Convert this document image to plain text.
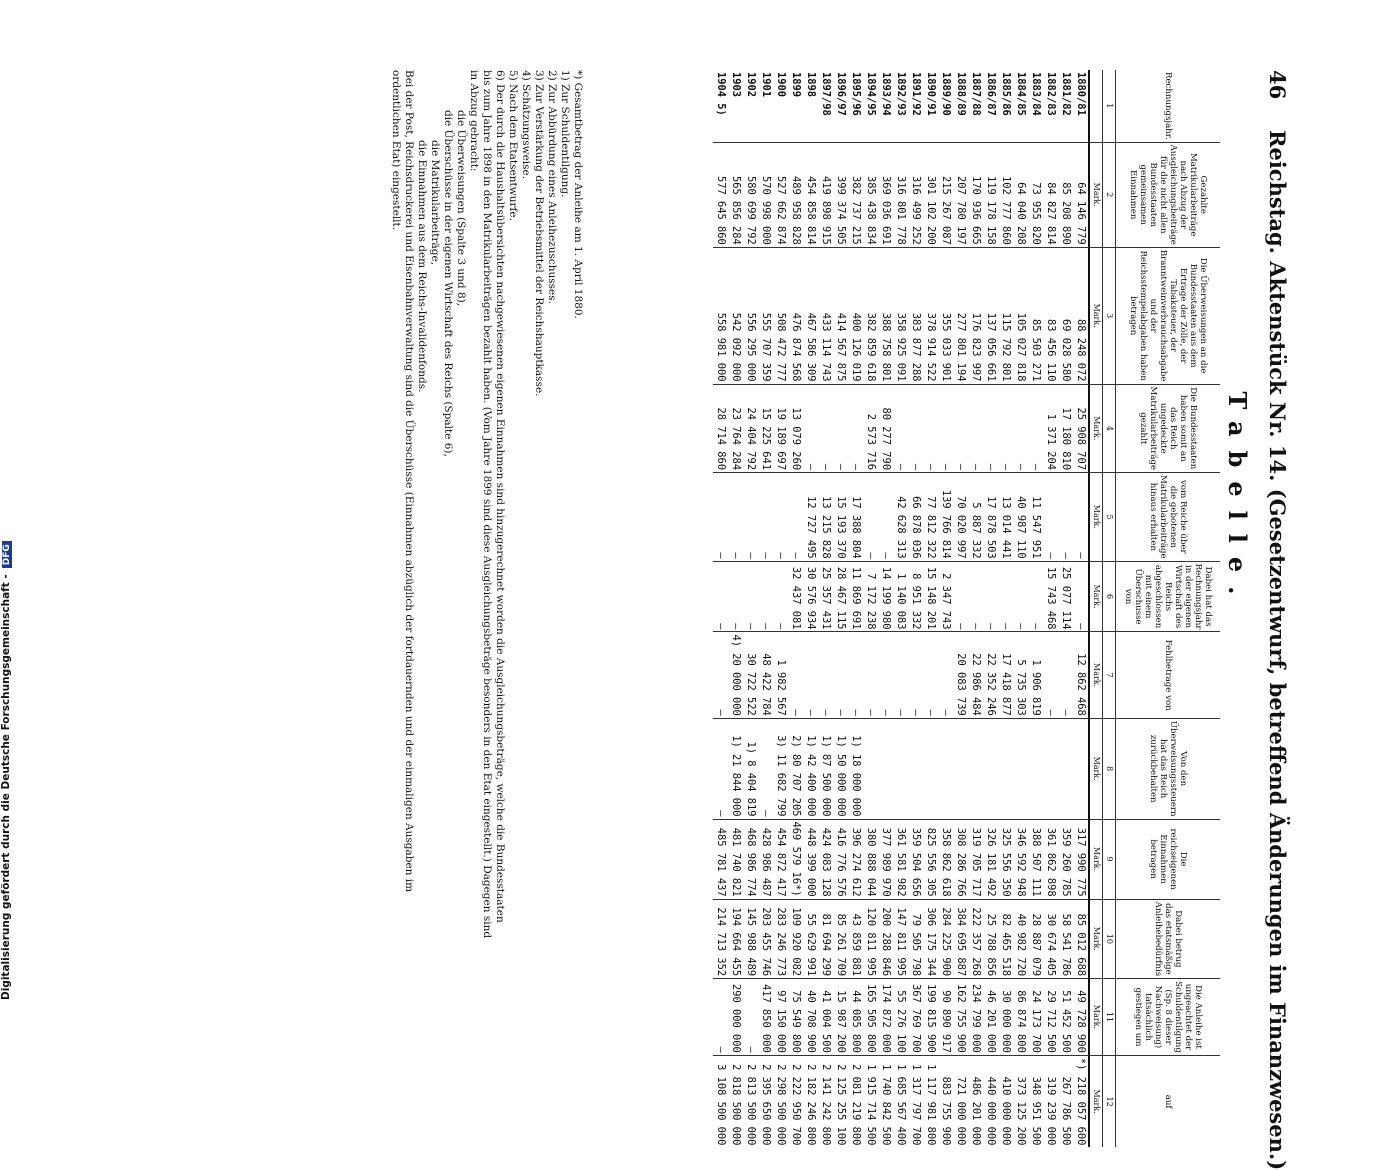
46
Reichstag. Aktenstück Nr. 14. (Gesetzentwurf, betreffend Änderungen im Finanzwesen.)
Tabelle.
Rechnungsjahr.	Gezahlte Matrikularbeiträge nach Abzug der Ausgleichungsbeiträge für die nicht allen Bundesstaaten gemeinsamen Einnahmen	Die Überweisungen an die Bundesstaaten aus dem Ertrage der Zölle, der Tabaksteuer, der Branntweinverbrauchsabgabe und der Reichsstempelabgaben haben betragen	Die Bundesstaaten haben somit an das Reich ungedeckte Matrikularbeiträge gezahlt	vom Reiche über die gebotenen Matrikularbeiträge hinaus erhalten	Dabei hat das Rechnungsjahr in der eigenen Wirtschaft des Reichs abgeschlossen mit einem Überschusse von	Fehlbetrage von	Von den Überweisungssteuern hat das Reich zurückbehalten	Die reichseigenen Einnahmen betragen	Dabei betrug das etatsmäßige Anleihebedürfnis	Die Anleihe ist ungeachtet der Schuldentilgung (Sp. 8 dieser Nachweisung) tatsächlich gestiegen um	auf
1	2	3	4	5	6	7	8	9	10	11	12
	Mark.	Mark.	Mark.	Mark.	Mark.	Mark.	Mark.	Mark.	Mark.	Mark.	Mark.
1880/81	64 146 779	88 248 072	25 908 707	—	—	12 862 468		317 990 775	85 012 688	49 728 900	*) 218 057 600
1881/82	85 208 890	69 028 580	17 180 810	—	25 077 114	—		359 260 785	58 541 786	51 452 500	267 786 500
1882/83	84 827 814	83 456 110	1 371 204	—	15 743 468	—		361 862 898	30 674 405	29 712 500	319 239 000
1883/84	73 955 820	85 503 271	—	11 547 951	—	1 906 819		388 507 111	28 887 079	24 173 700	348 951 500
1884/85	64 040 208	105 027 818	—	40 987 110	—	5 735 303		346 592 948	40 982 720	86 874 800	373 125 200
1885/86	102 777 860	115 792 801	—	13 014 441	—	17 418 877		325 556 350	82 465 518	30 000 000	410 000 000
1886/87	119 178 158	137 056 661	—	17 878 503	—	22 352 246		326 181 492	25 788 856	46 201 000	440 000 000
1887/88	170 936 665	176 823 997	—	5 887 332	—	22 986 484		319 705 717	222 357 268	234 799 000	486 201 000
1888/89	207 780 197	277 801 194	—	70 020 997	—	20 083 739		308 286 766	384 695 887	162 755 900	721 000 000
1889/90	215 267 087	355 033 901	—	139 766 814	2 347 743	—		358 862 618	284 225 900	90 890 917	883 755 900
1890/91	301 102 200	378 914 522	—	77 812 322	15 148 201	—		825 556 305	306 175 344	199 815 900	1 117 981 800
1891/92	316 499 252	383 877 288	—	66 878 036	8 951 332	—		359 504 656	79 505 798	367 769 700	1 317 797 700
1892/93	316 801 778	358 925 091	—	42 628 313	1 140 083	—		361 581 982	147 811 995	55 276 100	1 685 567 400
1893/94	369 036 691	388 758 801	80 277 790	—	14 199 980	—		377 989 970	200 288 846	174 872 000	1 740 842 500
1894/95	385 438 834	382 859 618	2 573 716	—	7 172 238	—		380 888 044	120 811 995	165 505 800	1 915 714 500
1895/96	382 737 215	400 126 019	—	17 388 804	11 869 691	—	1) 18 000 000	396 274 612	43 859 881	44 085 800	2 081 219 800
1896/97	399 374 505	414 567 875	—	15 193 370	28 467 115	—	1) 50 000 000	416 776 576	85 261 709	15 987 200	2 125 255 100
1897/98	419 898 915	433 114 743	—	13 215 828	25 357 431	—	1) 87 500 000	424 083 128	81 694 299	41 004 500	2 141 242 800
1898	454 858 814	467 586 309	—	12 727 495	30 576 934	—	1) 42 400 000	448 399 000	55 629 991	40 708 900	2 182 246 800
1899	489 958 828	476 874 568	13 079 260	—	32 437 081	—	2) 80 707 205	469 579 16*)	109 920 082	75 549 800	2 222 950 700
1900	527 662 874	508 472 777	19 189 697	—	—	1 982 567	3) 11 682 799	454 872 417	283 246 773	97 150 000	2 298 500 000
1901	570 998 000	555 707 359	15 225 641	—	—	48 422 784	—	428 986 487	203 455 746	417 850 000	2 395 650 000
1902	580 699 792	556 295 000	24 404 792	—	—	30 722 522	1) 8 404 819	468 986 774	145 988 489	—	2 813 500 000
1903	565 856 284	542 092 000	23 764 284	—	—	4) 20 000 000	1) 21 844 000	481 740 821	194 664 455	290 000 000	2 818 500 000
1904 5)	577 645 860	558 981 000	28 714 860	—	—	—	—	485 781 437	214 713 352	—	3 108 500 000
*) Gesamtbetrag der Anleihe am 1. April 1880.
1) Zur Schuldentilgung.
2) Zur Abbürdung eines Anleihezuschusses.
3) Zur Verstärkung der Betriebsmittel der Reichshauptkasse.
4) Schätzungsweise.
5) Nach dem Etatsentwurfe.
6) Der durch die Haushaltsübersichten nachgewiesenen eigenen Einnahmen sind hinzugerechnet worden die Ausgleichungsbeträge, welche die Bundesstaaten bis zum Jahre 1898 in den Matrikularbeiträgen bezahlt haben. (Vom Jahre 1899 sind diese Ausgleichungsbeträge besonders in den Etat eingestellt.) Dagegen sind in Abzug gebracht:
die Überweisungen (Spalte 3 und 8),
die Überschüsse in der eigenen Wirtschaft des Reichs (Spalte 6),
die Matrikularbeiträge,
die Einnahmen aus dem Reichs-Invalidenfonds.
Bei der Post, Reichsdruckerei und Eisenbahnverwaltung sind die Überschüsse (Einnahmen abzüglich der fortdauernden und der einmaligen Ausgaben im ordentlichen Etat) eingestellt.
Digitalisierung gefördert durch die Deutsche Forschungsgemeinschaft -DFG
